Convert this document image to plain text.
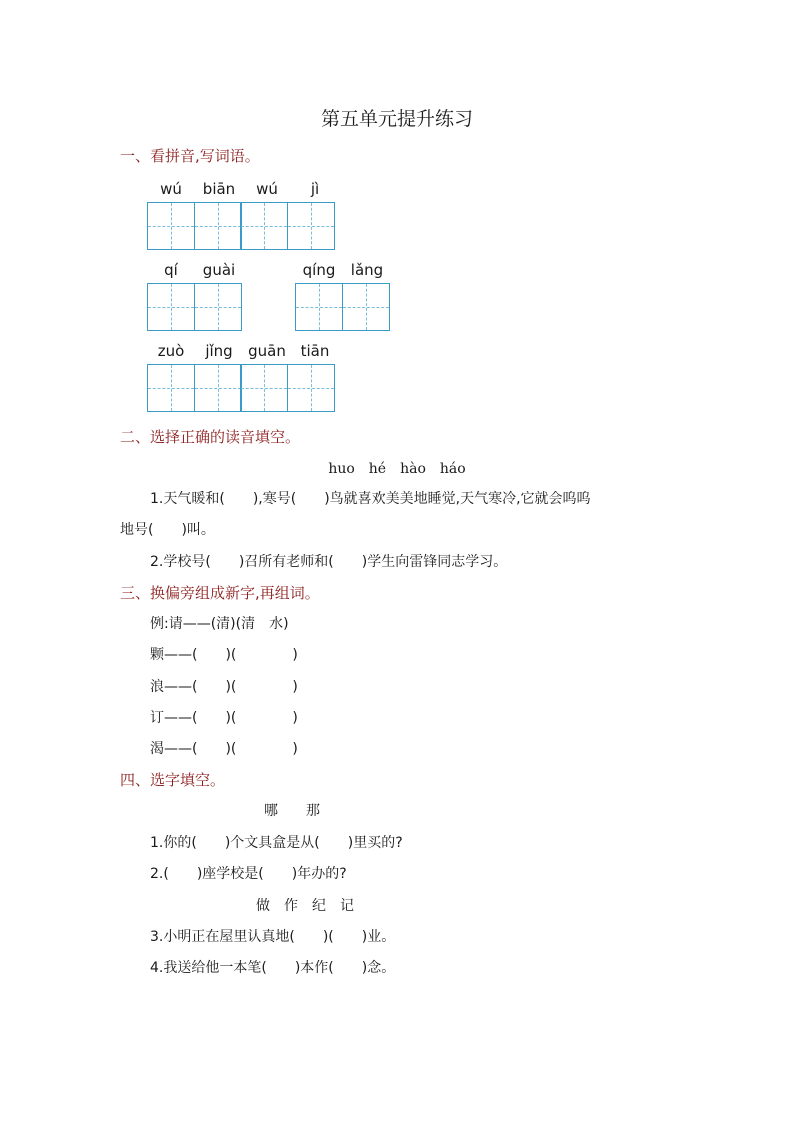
第五单元提升练习
一、看拼音,写词语。
wú	biān	wú	jì
qí	guài	qíng	lǎng
zuò	jǐng	guān tiān
二、选择正确的读音填空。
huo　hé　hào　háo
1.天气暖和(　　),寒号(　　)鸟就喜欢美美地睡觉,天气寒冷,它就会呜呜
地号(　　)叫。
2.学校号(　　)召所有老师和(　　)学生向雷锋同志学习。
三、换偏旁组成新字,再组词。
例:请——(清)(清　水)
颗——(　　)(　　　　)
浪——(　　)(　　　　)
订——(　　)(　　　　)
渴——(　　)(　　　　)
四、选字填空。
哪　　那
1.你的(　　)个文具盒是从(　　)里买的?
2.(　　)座学校是(　　)年办的?
做　作　纪　记
3.小明正在屋里认真地(　　)(　　)业。
4.我送给他一本笔(　　)本作(　　)念。
